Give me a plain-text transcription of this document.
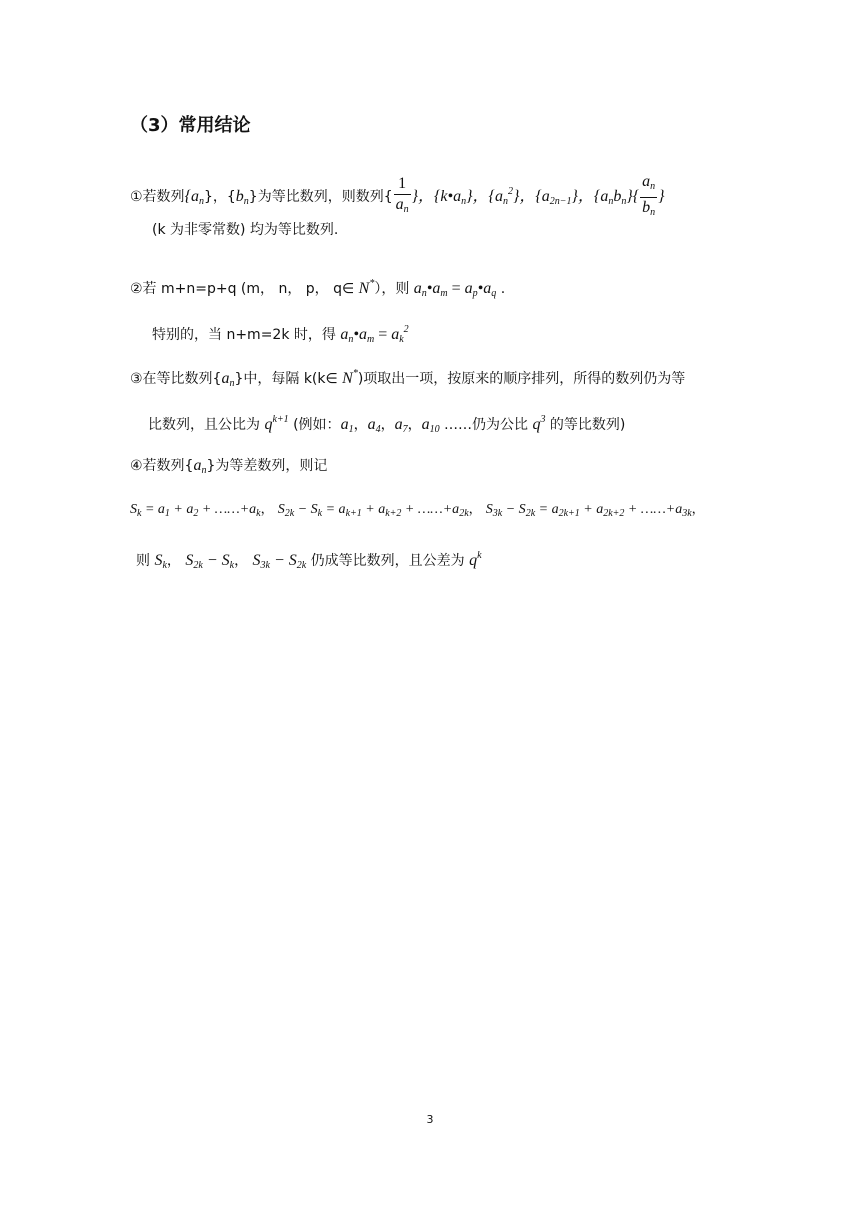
（3）常用结论
①若数列$\{a_n\}$，$\{b_n\}$为等比数列，则数列{ $\frac{1}{a_n}$ }，$\{k•a_n\}$，$\{a_n^2\}$，$\{a_{2n-1}\}$，$\{a_nb_n\}\{ \frac{a_n}{b_n}$ }
(k 为非零常数) 均为等比数列.
②若 m+n=p+q (m， n， p， q∈ N*），则 $a_n•a_m$ = $a_p•a_q$ .
特别的，当 n+m=2k 时，得 $a_n•a_m = a_k^2$
③在等比数列$\{a_n\}$中，每隔 k(k∈ N*)项取出一项，按原来的顺序排列，所得的数列仍为等
比数列，且公比为 $q^{k+1}$ (例如：$a_1$，$a_4$，$a_7$，$a_{10}$ ……仍为公比 $q^3$ 的等比数列)
④若数列$\{a_n\}$为等差数列，则记
$S_k = a_1 + a_2$ + $\dots\dots+a_k$， $S_{2k} - S_k = a_{k+1} + a_{k+2}$ + $\dots\dots+a_{2k}$， $S_{3k} - S_{2k} = a_{2k+1} + a_{2k+2}$ + $\dots\dots+a_{3k}$，
则 $S_k$， $S_{2k} - S_k$， $S_{3k} - S_{2k}$ 仍成等比数列，且公差为 $q^k$
3
